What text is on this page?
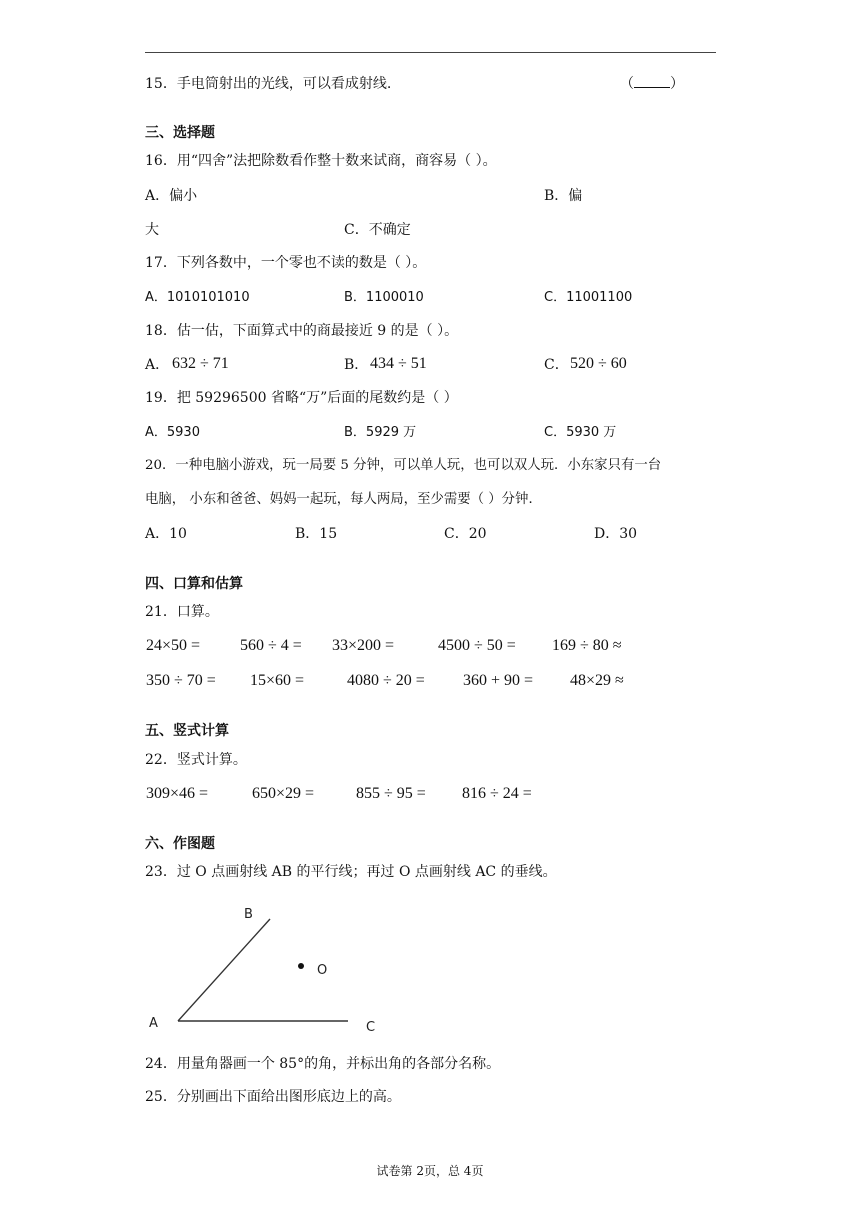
15．手电筒射出的光线，可以看成射线.	（	）
三、选择题
16．用“四舍”法把除数看作整十数来试商，商容易（ ）。
A．偏小	B．偏
大	C．不确定
17．下列各数中，一个零也不读的数是（ ）。
A．1010101010	B．1100010	C．11001100
18．估一估，下面算式中的商最接近 9 的是（ ）。
A． 632 ÷ 71	B． 434 ÷ 51	C． 520 ÷ 60
19．把 59296500 省略“万”后面的尾数约是（ ）
A．5930	B．5929 万	C．5930 万
20．一种电脑小游戏，玩一局要 5 分钟，可以单人玩，也可以双人玩．小东家只有一台
电脑， 小东和爸爸、妈妈一起玩，每人两局，至少需要（ ）分钟．
A．10	B．15	C．20	D．30
四、口算和估算
21．口算。
24×50 = 560 ÷ 4 = 33×200 =	4500 ÷ 50 = 169 ÷ 80 ≈
350 ÷ 70 = 15×60 =	4080 ÷ 20 = 360 + 90 = 48×29 ≈
五、竖式计算
22．竖式计算。
309×46 =	650×29 =	855 ÷ 95 = 816 ÷ 24 =
六、作图题
23．过 O 点画射线 AB 的平行线；再过 O 点画射线 AC 的垂线。
A
B
C
O
24．用量角器画一个 85°的角，并标出角的各部分名称。
25．分别画出下面给出图形底边上的高。
试卷第 2页，总 4页
